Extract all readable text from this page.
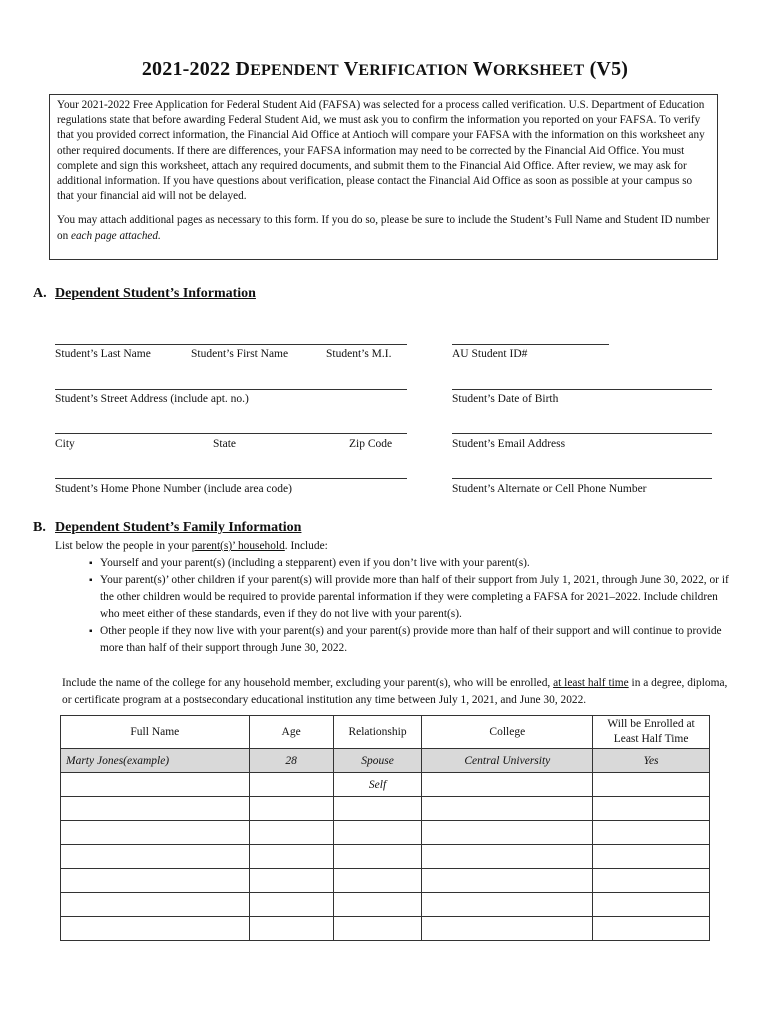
2021-2022 DEPENDENT VERIFICATION WORKSHEET (V5)

Your 2021-2022 Free Application for Federal Student Aid (FAFSA) was selected for a process called verification. U.S. Department of Education regulations state that before awarding Federal Student Aid, we must ask you to confirm the information you reported on your FAFSA. To verify that you provided correct information, the Financial Aid Office at Antioch will compare your FAFSA with the information on this worksheet any other required documents. If there are differences, your FAFSA information may need to be corrected by the Financial Aid Office. You must complete and sign this worksheet, attach any required documents, and submit them to the Financial Aid Office. After review, we may ask for additional information. If you have questions about verification, please contact the Financial Aid Office as soon as possible at your campus so that your financial aid will not be delayed.

You may attach additional pages as necessary to this form. If you do so, please be sure to include the Student’s Full Name and Student ID number on each page attached.

A. Dependent Student’s Information
Student’s Last Name	Student’s First Name	Student’s M.I.	AU Student ID#
Student’s Street Address (include apt. no.)	Student’s Date of Birth
City	State	Zip Code	Student’s Email Address
Student’s Home Phone Number (include area code)	Student’s Alternate or Cell Phone Number
B. Dependent Student’s Family Information
List below the people in your parent(s)’ household. Include:
▪ Yourself and your parent(s) (including a stepparent) even if you don’t live with your parent(s).
▪ Your parent(s)’ other children if your parent(s) will provide more than half of their support from July 1, 2021, through June 30, 2022, or if the other children would be required to provide parental information if they were completing a FAFSA for 2021–2022. Include children who meet either of these standards, even if they do not live with your parent(s).
▪ Other people if they now live with your parent(s) and your parent(s) provide more than half of their support and will continue to provide more than half of their support through June 30, 2022.
Include the name of the college for any household member, excluding your parent(s), who will be enrolled, at least half time in a degree, diploma, or certificate program at a postsecondary educational institution any time between July 1, 2021, and June 30, 2022.
Full Name	Age	Relationship	College	Will be Enrolled at Least Half Time
Marty Jones(example)	28	Spouse	Central University	Yes
		Self		
